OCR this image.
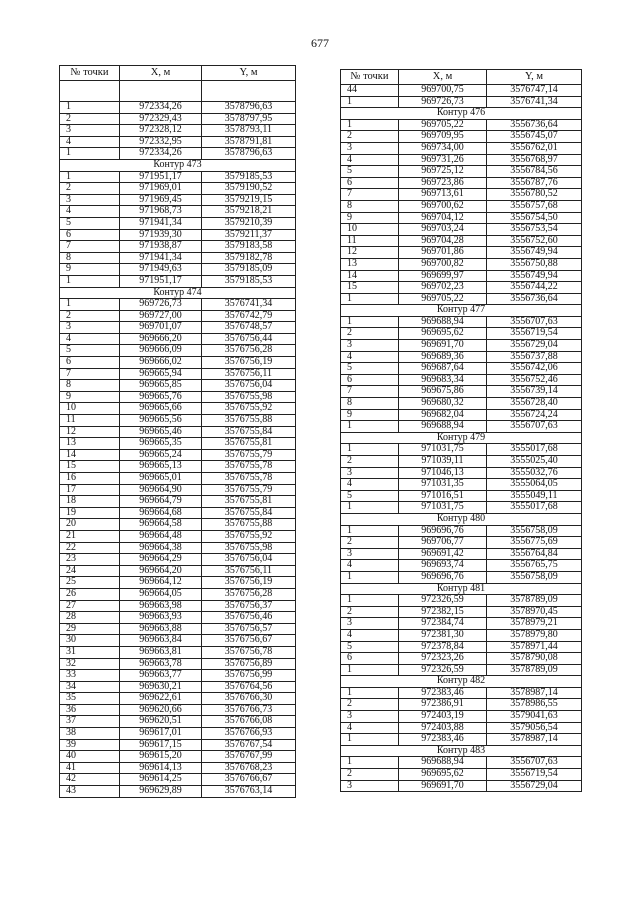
677
№ точки	X, м	Y, м

1	972334,26	3578796,63
2	972329,43	3578797,95
3	972328,12	3578793,11
4	972332,95	3578791,81
1	972334,26	3578796,63
Контур 473		
1	971951,17	3579185,53
2	971969,01	3579190,52
3	971969,45	3579219,15
4	971968,73	3579218,21
5	971941,34	3579210,39
6	971939,30	3579211,37
7	971938,87	3579183,58
8	971941,34	3579182,78
9	971949,63	3579185,09
1	971951,17	3579185,53
Контур 474		
1	969726,73	3576741,34
2	969727,00	3576742,79
3	969701,07	3576748,57
4	969666,20	3576756,44
5	969666,09	3576756,28
6	969666,02	3576756,19
7	969665,94	3576756,11
8	969665,85	3576756,04
9	969665,76	3576755,98
10	969665,66	3576755,92
11	969665,56	3576755,88
12	969665,46	3576755,84
13	969665,35	3576755,81
14	969665,24	3576755,79
15	969665,13	3576755,78
16	969665,01	3576755,78
17	969664,90	3576755,79
18	969664,79	3576755,81
19	969664,68	3576755,84
20	969664,58	3576755,88
21	969664,48	3576755,92
22	969664,38	3576755,98
23	969664,29	3576756,04
24	969664,20	3576756,11
25	969664,12	3576756,19
26	969664,05	3576756,28
27	969663,98	3576756,37
28	969663,93	3576756,46
29	969663,88	3576756,57
30	969663,84	3576756,67
31	969663,81	3576756,78
32	969663,78	3576756,89
33	969663,77	3576756,99
34	969630,21	3576764,56
35	969622,61	3576766,30
36	969620,66	3576766,73
37	969620,51	3576766,08
38	969617,01	3576766,93
39	969617,15	3576767,54
40	969615,20	3576767,99
41	969614,13	3576768,23
42	969614,25	3576766,67
43	969629,89	3576763,14
№ точки	X, м	Y, м
44	969700,75	3576747,14
1	969726,73	3576741,34
Контур 476		
1	969705,22	3556736,64
2	969709,95	3556745,07
3	969734,00	3556762,01
4	969731,26	3556768,97
5	969725,12	3556784,56
6	969723,86	3556787,76
7	969713,61	3556780,52
8	969700,62	3556757,68
9	969704,12	3556754,50
10	969703,24	3556753,54
11	969704,28	3556752,60
12	969701,86	3556749,94
13	969700,82	3556750,88
14	969699,97	3556749,94
15	969702,23	3556744,22
1	969705,22	3556736,64
Контур 477		
1	969688,94	3556707,63
2	969695,62	3556719,54
3	969691,70	3556729,04
4	969689,36	3556737,88
5	969687,64	3556742,06
6	969683,34	3556752,46
7	969675,86	3556739,14
8	969680,32	3556728,40
9	969682,04	3556724,24
1	969688,94	3556707,63
Контур 479		
1	971031,75	3555017,68
2	971039,11	3555025,40
3	971046,13	3555032,76
4	971031,35	3555064,05
5	971016,51	3555049,11
1	971031,75	3555017,68
Контур 480		
1	969696,76	3556758,09
2	969706,77	3556775,69
3	969691,42	3556764,84
4	969693,74	3556765,75
1	969696,76	3556758,09
Контур 481		
1	972326,59	3578789,09
2	972382,15	3578970,45
3	972384,74	3578979,21
4	972381,30	3578979,80
5	972378,84	3578971,44
6	972323,26	3578790,08
1	972326,59	3578789,09
Контур 482		
1	972383,46	3578987,14
2	972386,91	3578986,55
3	972403,19	3579041,63
4	972403,88	3579056,54
1	972383,46	3578987,14
Контур 483		
1	969688,94	3556707,63
2	969695,62	3556719,54
3	969691,70	3556729,04
